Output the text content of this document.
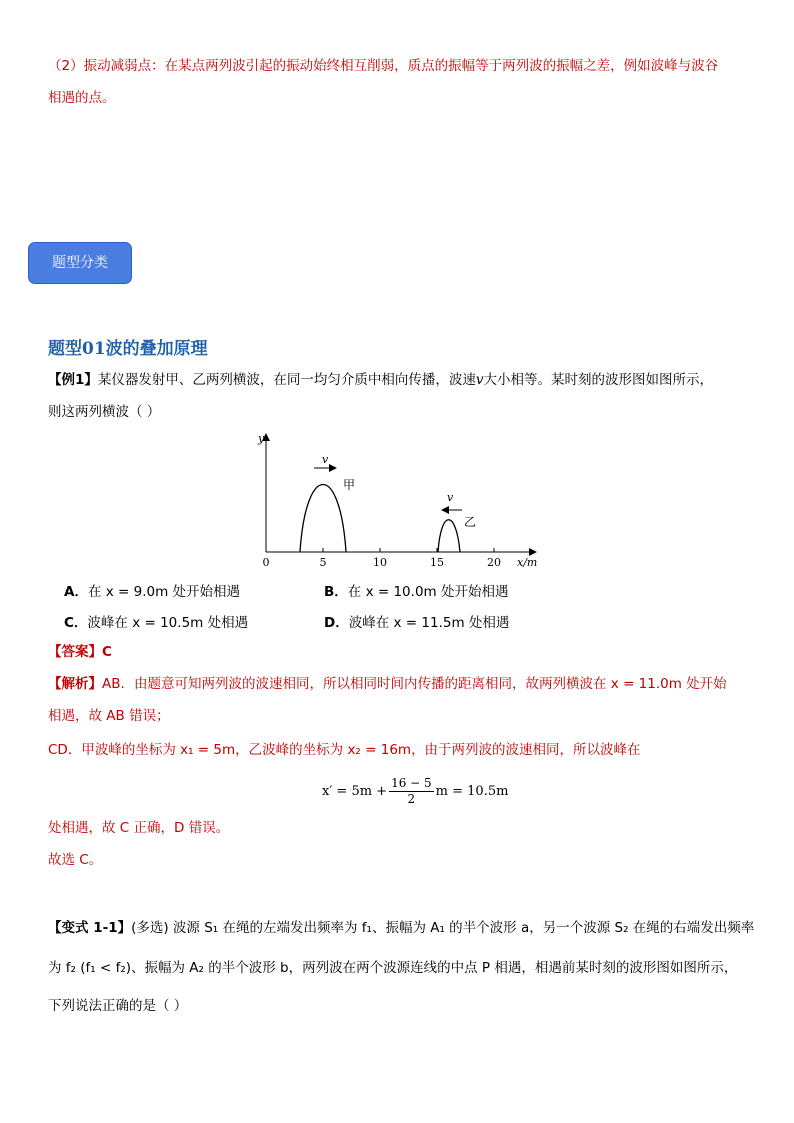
（2）振动减弱点：在某点两列波引起的振动始终相互削弱，质点的振幅等于两列波的振幅之差，例如波峰与波谷
相遇的点。
题型分类
题型01波的叠加原理
【例1】某仪器发射甲、乙两列横波，在同一均匀介质中相向传播，波速v大小相等。某时刻的波形图如图所示，
则这两列横波（ ）
0	5	10	15	20
y
x/m
v
甲
v
乙
A．在 x = 9.0m 处开始相遇	B．在 x = 10.0m 处开始相遇
C．波峰在 x = 10.5m 处相遇	D．波峰在 x = 11.5m 处相遇
【答案】C
【解析】AB．由题意可知两列波的波速相同，所以相同时间内传播的距离相同，故两列横波在 x = 11.0m 处开始
相遇，故 AB 错误；
CD．甲波峰的坐标为 x₁ = 5m，乙波峰的坐标为 x₂ = 16m，由于两列波的波速相同，所以波峰在
$x' = 5m + \frac{16 - 5}{2}$ m = 10.5m
处相遇，故 C 正确，D 错误。
故选 C。
【变式 1-1】(多选) 波源 S₁ 在绳的左端发出频率为 f₁、振幅为 A₁ 的半个波形 a，另一个波源 S₂ 在绳的右端发出频率
为 f₂ (f₁ < f₂)、振幅为 A₂ 的半个波形 b，两列波在两个波源连线的中点 P 相遇，相遇前某时刻的波形图如图所示，
下列说法正确的是（ ）
